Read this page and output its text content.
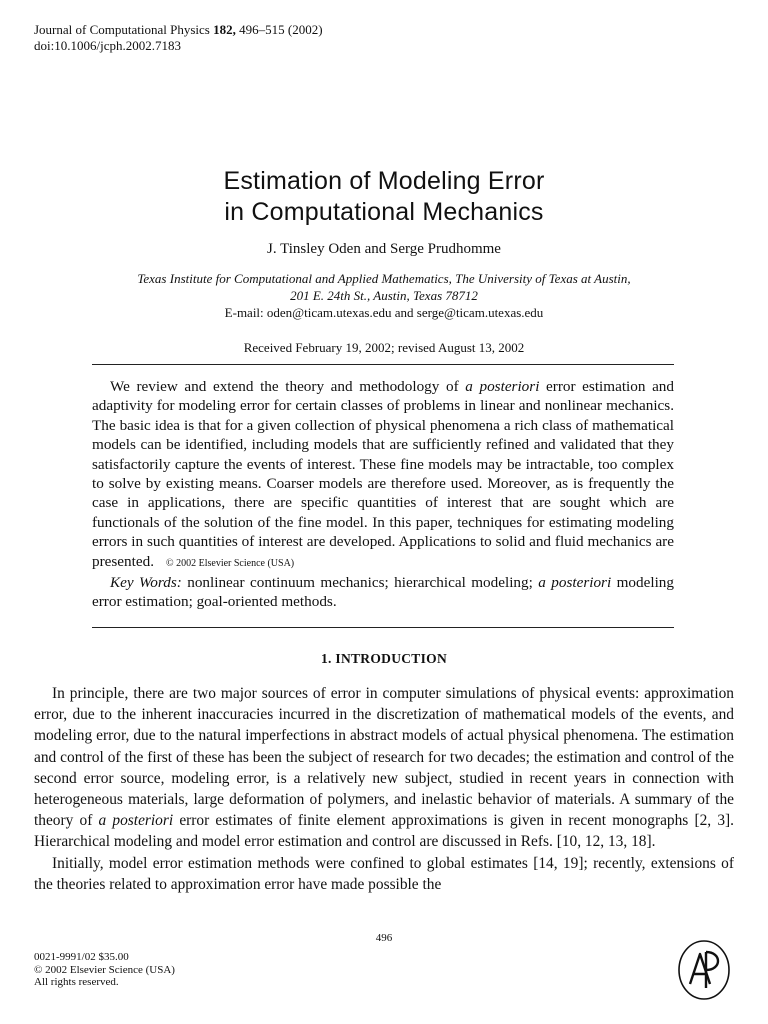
Journal of Computational Physics 182, 496–515 (2002)
doi:10.1006/jcph.2002.7183
Estimation of Modeling Error
in Computational Mechanics
J. Tinsley Oden and Serge Prudhomme
Texas Institute for Computational and Applied Mathematics, The University of Texas at Austin,
201 E. 24th St., Austin, Texas 78712
E-mail: oden@ticam.utexas.edu and serge@ticam.utexas.edu
Received February 19, 2002; revised August 13, 2002

We review and extend the theory and methodology of a posteriori error estimation and adaptivity for modeling error for certain classes of problems in linear and nonlinear mechanics. The basic idea is that for a given collection of physical phenomena a rich class of mathematical models can be identified, including models that are sufficiently refined and validated that they satisfactorily capture the events of interest. These fine models may be intractable, too complex to solve by existing means. Coarser models are therefore used. Moreover, as is frequently the case in applications, there are specific quantities of interest that are sought which are functionals of the solution of the fine model. In this paper, techniques for estimating modeling errors in such quantities of interest are developed. Applications to solid and fluid mechanics are presented. © 2002 Elsevier Science (USA)

Key Words: nonlinear continuum mechanics; hierarchical modeling; a posteriori modeling error estimation; goal-oriented methods.

1. INTRODUCTION

In principle, there are two major sources of error in computer simulations of physical events: approximation error, due to the inherent inaccuracies incurred in the discretization of mathematical models of the events, and modeling error, due to the natural imperfections in abstract models of actual physical phenomena. The estimation and control of the first of these has been the subject of research for two decades; the estimation and control of the second error source, modeling error, is a relatively new subject, studied in recent years in connection with heterogeneous materials, large deformation of polymers, and inelastic behavior of materials. A summary of the theory of a posteriori error estimates of finite element approximations is given in recent monographs [2, 3]. Hierarchical modeling and model error estimation and control are discussed in Refs. [10, 12, 13, 18].

Initially, model error estimation methods were confined to global estimates [14, 19]; recently, extensions of the theories related to approximation error have made possible the

496
0021-9991/02 $35.00
© 2002 Elsevier Science (USA)
All rights reserved.
